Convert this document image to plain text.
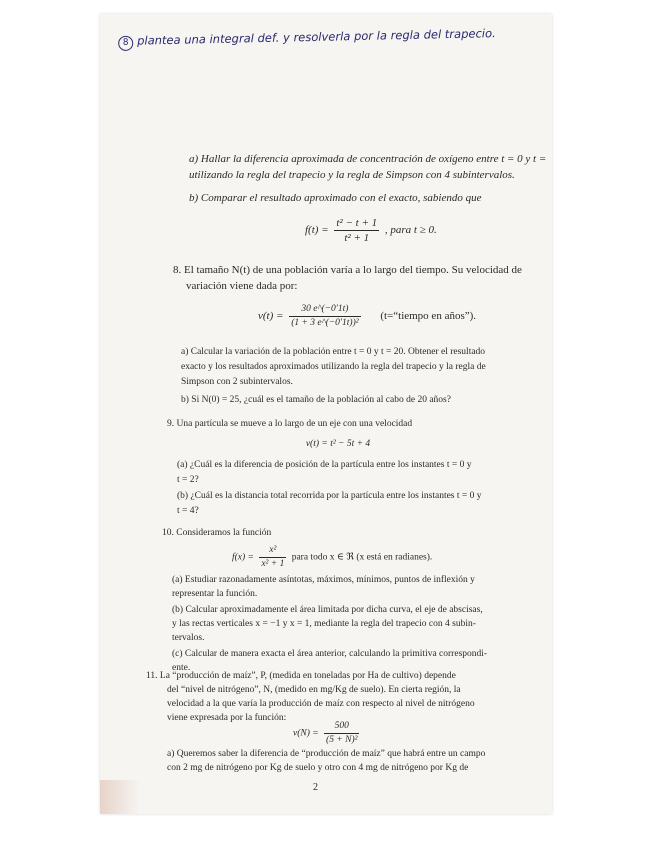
8 plantea una integral def. y resolverla por la regla del trapecio.
a) Hallar la diferencia aproximada de concentración de oxígeno entre t = 0 y t =
utilizando la regla del trapecio y la regla de Simpson con 4 subintervalos.
b) Comparar el resultado aproximado con el exacto, sabiendo que
$f(t) = \frac{\text{t² − t + 1}}{\text{t² + 1}}$ , para t ≥ 0.
8. El tamaño N(t) de una población varía a lo largo del tiempo. Su velocidad de
variación viene dada por:
$v(t) = \frac{30 e\^{}(-0'1t)}{\text{(1 + 3 e\textasciicircum{}(−0′1t))²}}$ (t=“tiempo en años”).
a) Calcular la variación de la población entre t = 0 y t = 20. Obtener el resultado
exacto y los resultados aproximados utilizando la regla del trapecio y la regla de
Simpson con 2 subintervalos.
b) Si N(0) = 25, ¿cuál es el tamaño de la población al cabo de 20 años?
9. Una partícula se mueve a lo largo de un eje con una velocidad
v(t) = t² − 5t + 4
(a) ¿Cuál es la diferencia de posición de la partícula entre los instantes t = 0 y
t = 2?
(b) ¿Cuál es la distancia total recorrida por la partícula entre los instantes t = 0 y
t = 4?
10. Consideramos la función
$f(x) = \frac{\text{x²}}{\text{x² + 1}}$ para todo x ∈ ℜ (x está en radianes).
(a) Estudiar razonadamente asíntotas, máximos, mínimos, puntos de inflexión y
representar la función.
(b) Calcular aproximadamente el área limitada por dicha curva, el eje de abscisas,
y las rectas verticales x = −1 y x = 1, mediante la regla del trapecio con 4 subin-
tervalos.
(c) Calcular de manera exacta el área anterior, calculando la primitiva correspondi-
ente.
11. La “producción de maíz”, P, (medida en toneladas por Ha de cultivo) depende
del “nivel de nitrógeno”, N, (medido en mg/Kg de suelo). En cierta región, la
velocidad a la que varía la producción de maíz con respecto al nivel de nitrógeno
viene expresada por la función:
$v(N) = \frac{500}{\text{(5 + N)²}}$
a) Queremos saber la diferencia de “producción de maíz” que habrá entre un campo
con 2 mg de nitrógeno por Kg de suelo y otro con 4 mg de nitrógeno por Kg de
2
